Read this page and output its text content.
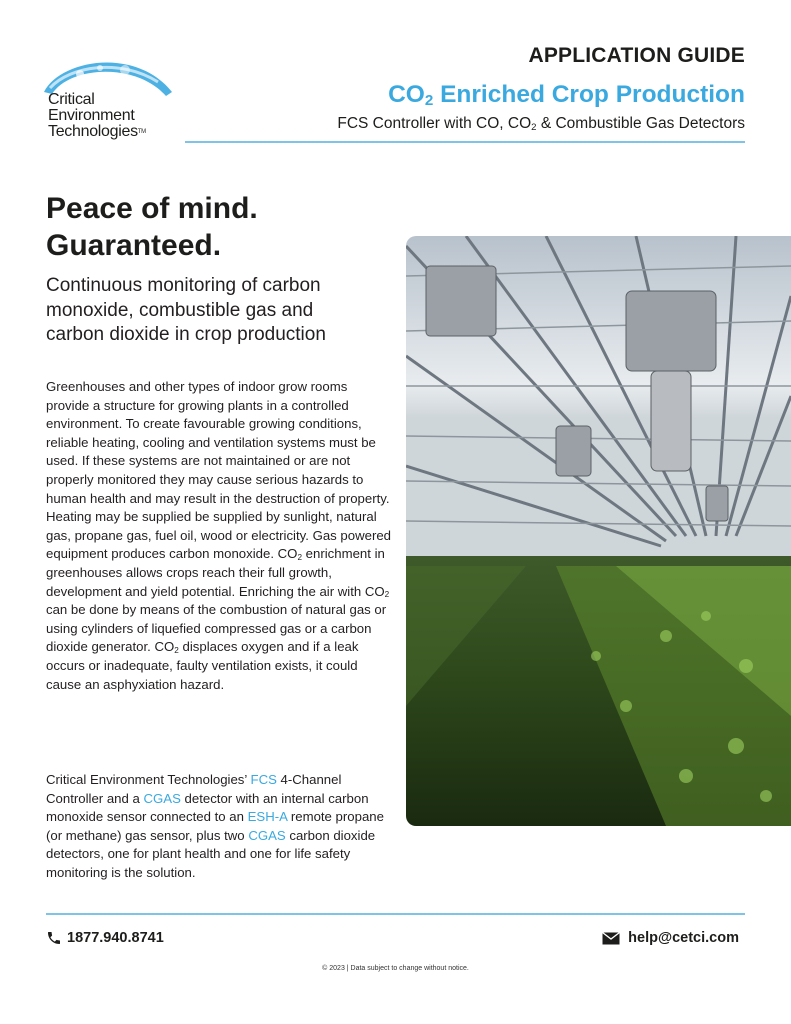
Critical
Environment
Technologies™
APPLICATION GUIDE
$CO_2$ Enriched Crop Production
FCS Controller with CO, $CO_2$ & Combustible Gas Detectors
Peace of mind.
Guaranteed.
Continuous monitoring of carbon
monoxide, combustible gas and
carbon dioxide in crop production
Greenhouses and other types of indoor grow rooms provide a structure for growing plants in a controlled environment. To create favourable growing conditions, reliable heating, cooling and ventilation systems must be used. If these systems are not maintained or are not properly monitored they may cause serious hazards to human health and may result in the destruction of property. Heating may be supplied be supplied by sunlight, natural gas, propane gas, fuel oil, wood or electricity. Gas powered equipment produces carbon monoxide. $CO_2$ enrichment in greenhouses allows crops reach their full growth, development and yield potential. Enriching the air with $CO_2$ can be done by means of the combustion of natural gas or using cylinders of liquefied compressed gas or a carbon dioxide generator. $CO_2$ displaces oxygen and if a leak occurs or inadequate, faulty ventilation exists, it could cause an asphyxiation hazard.
Critical Environment Technologies’ FCS 4-Channel Controller and a CGAS detector with an internal carbon monoxide sensor connected to an ESH-A remote propane (or methane) gas sensor, plus two CGAS carbon dioxide detectors, one for plant health and one for life safety monitoring is the solution.
1877.940.8741	help@cetci.com
© 2023 | Data subject to change without notice.
